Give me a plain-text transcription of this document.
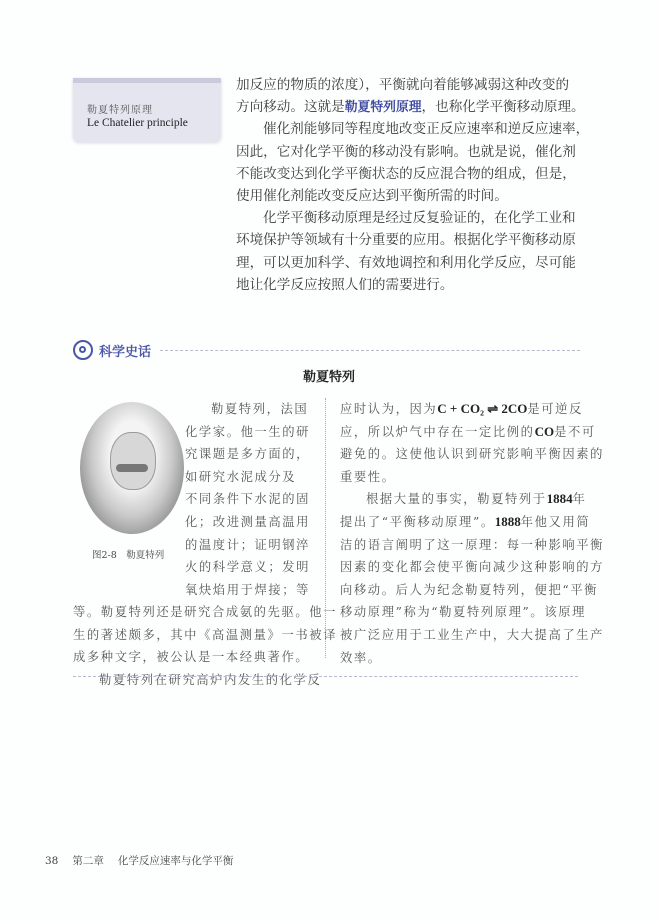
勒夏特列原理
Le Chatelier principle
加反应的物质的浓度），平衡就向着能够减弱这种改变的
方向移动。这就是勒夏特列原理，也称化学平衡移动原理。
催化剂能够同等程度地改变正反应速率和逆反应速率，
因此，它对化学平衡的移动没有影响。也就是说，催化剂
不能改变达到化学平衡状态的反应混合物的组成，但是，
使用催化剂能改变反应达到平衡所需的时间。
化学平衡移动原理是经过反复验证的，在化学工业和
环境保护等领域有十分重要的应用。根据化学平衡移动原
理，可以更加科学、有效地调控和利用化学反应，尽可能
地让化学反应按照人们的需要进行。
科学史话
勒夏特列
图2-8　勒夏特列
勒夏特列，法国
化学家。他一生的研
究课题是多方面的，
如研究水泥成分及
不同条件下水泥的固
化；改进测量高温用
的温度计；证明钢淬
火的科学意义；发明
氧炔焰用于焊接；等
等。勒夏特列还是研究合成氨的先驱。他一
生的著述颇多，其中《高温测量》一书被译
成多种文字，被公认是一本经典著作。
勒夏特列在研究高炉内发生的化学反
应时认为，因为C + CO₂ ⇌ 2CO是可逆反
应，所以炉气中存在一定比例的CO是不可
避免的。这使他认识到研究影响平衡因素的
重要性。
根据大量的事实，勒夏特列于1884年
提出了“平衡移动原理”。1888年他又用简
洁的语言阐明了这一原理：每一种影响平衡
因素的变化都会使平衡向减少这种影响的方
向移动。后人为纪念勒夏特列，便把“平衡
移动原理”称为“勒夏特列原理”。该原理
被广泛应用于工业生产中，大大提高了生产
效率。
38 第二章 化学反应速率与化学平衡
